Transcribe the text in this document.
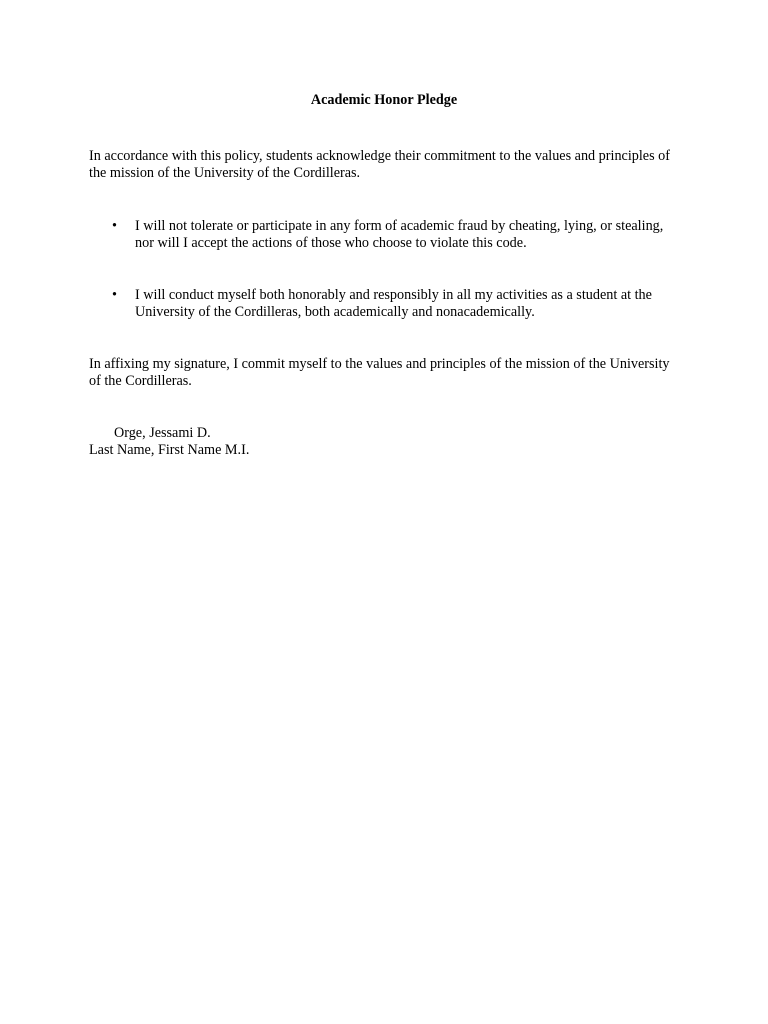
Academic Honor Pledge

In accordance with this policy, students acknowledge their commitment to the values and principles of the mission of the University of the Cordilleras.

•	I will not tolerate or participate in any form of academic fraud by cheating, lying, or stealing, nor will I accept the actions of those who choose to violate this code.
•	I will conduct myself both honorably and responsibly in all my activities as a student at the University of the Cordilleras, both academically and nonacademically.

In affixing my signature, I commit myself to the values and principles of the mission of the University of the Cordilleras.

Orge, Jessami D.
Last Name, First Name M.I.
